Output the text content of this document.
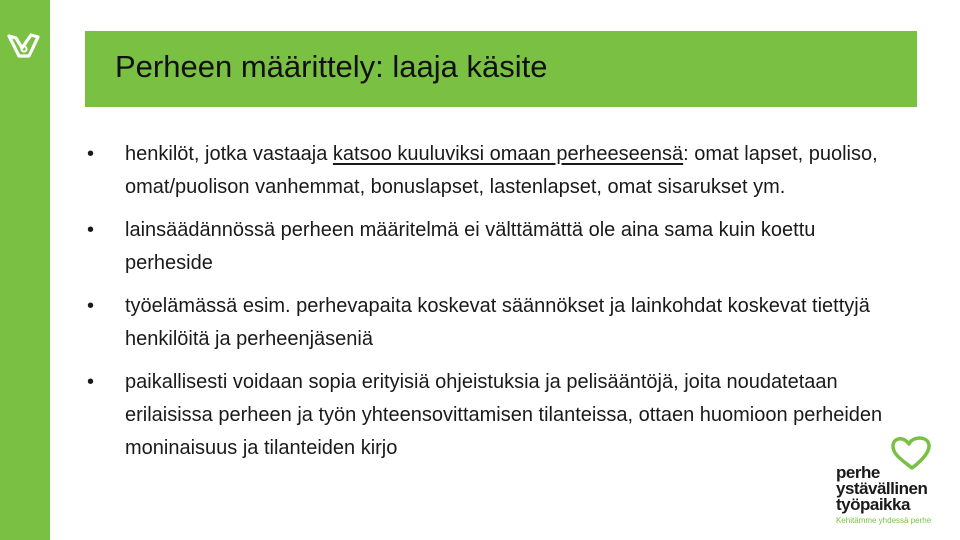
Perheen määrittely: laaja käsite
• henkilöt, jotka vastaaja katsoo kuuluviksi omaan perheeseensä: omat lapset, puoliso, omat/puolison vanhemmat, bonuslapset, lastenlapset, omat sisarukset ym.
• lainsäädännössä perheen määritelmä ei välttämättä ole aina sama kuin koettu perheside
• työelämässä esim. perhevapaita koskevat säännökset ja lainkohdat koskevat tiettyjä henkilöitä ja perheenjäseniä
• paikallisesti voidaan sopia erityisiä ohjeistuksia ja pelisääntöjä, joita noudatetaan erilaisissa perheen ja työn yhteensovittamisen tilanteissa, ottaen huomioon perheiden moninaisuus ja tilanteiden kirjo
perhe
ystävällinen
työpaikka
Kehitämme yhdessä perhe
